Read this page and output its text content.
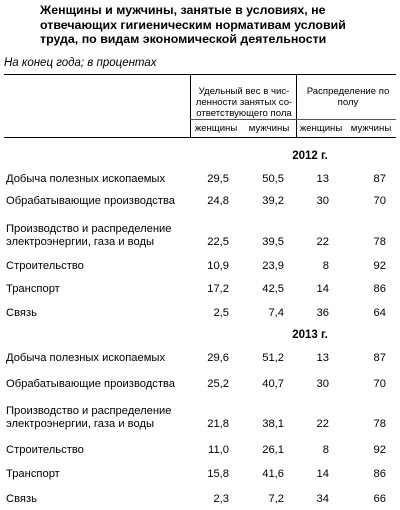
Женщины и мужчины, занятые в условиях, не отвечающих гигиеническим нормативам условий труда, по видам экономической деятельности
На конец года; в процентах
Удельный вес в чис-ленности занятых со-ответствующего пола
Распределение по полу
женщины	мужчины	женщины мужчины
2012 г.
Добыча полезных ископаемых	29,5	50,5	13	87
Обрабатывающие производства	24,8	39,2	30	70
Производство и распределение электроэнергии, газа и воды	22,5	39,5	22	78
Строительство	10,9	23,9	8	92
Транспорт	17,2	42,5	14	86
Связь	2,5	7,4	36	64
2013 г.
Добыча полезных ископаемых	29,6	51,2	13	87
Обрабатывающие производства	25,2	40,7	30	70
Производство и распределение электроэнергии, газа и воды	21,8	38,1	22	78
Строительство	11,0	26,1	8	92
Транспорт	15,8	41,6	14	86
Связь	2,3	7,2	34	66
